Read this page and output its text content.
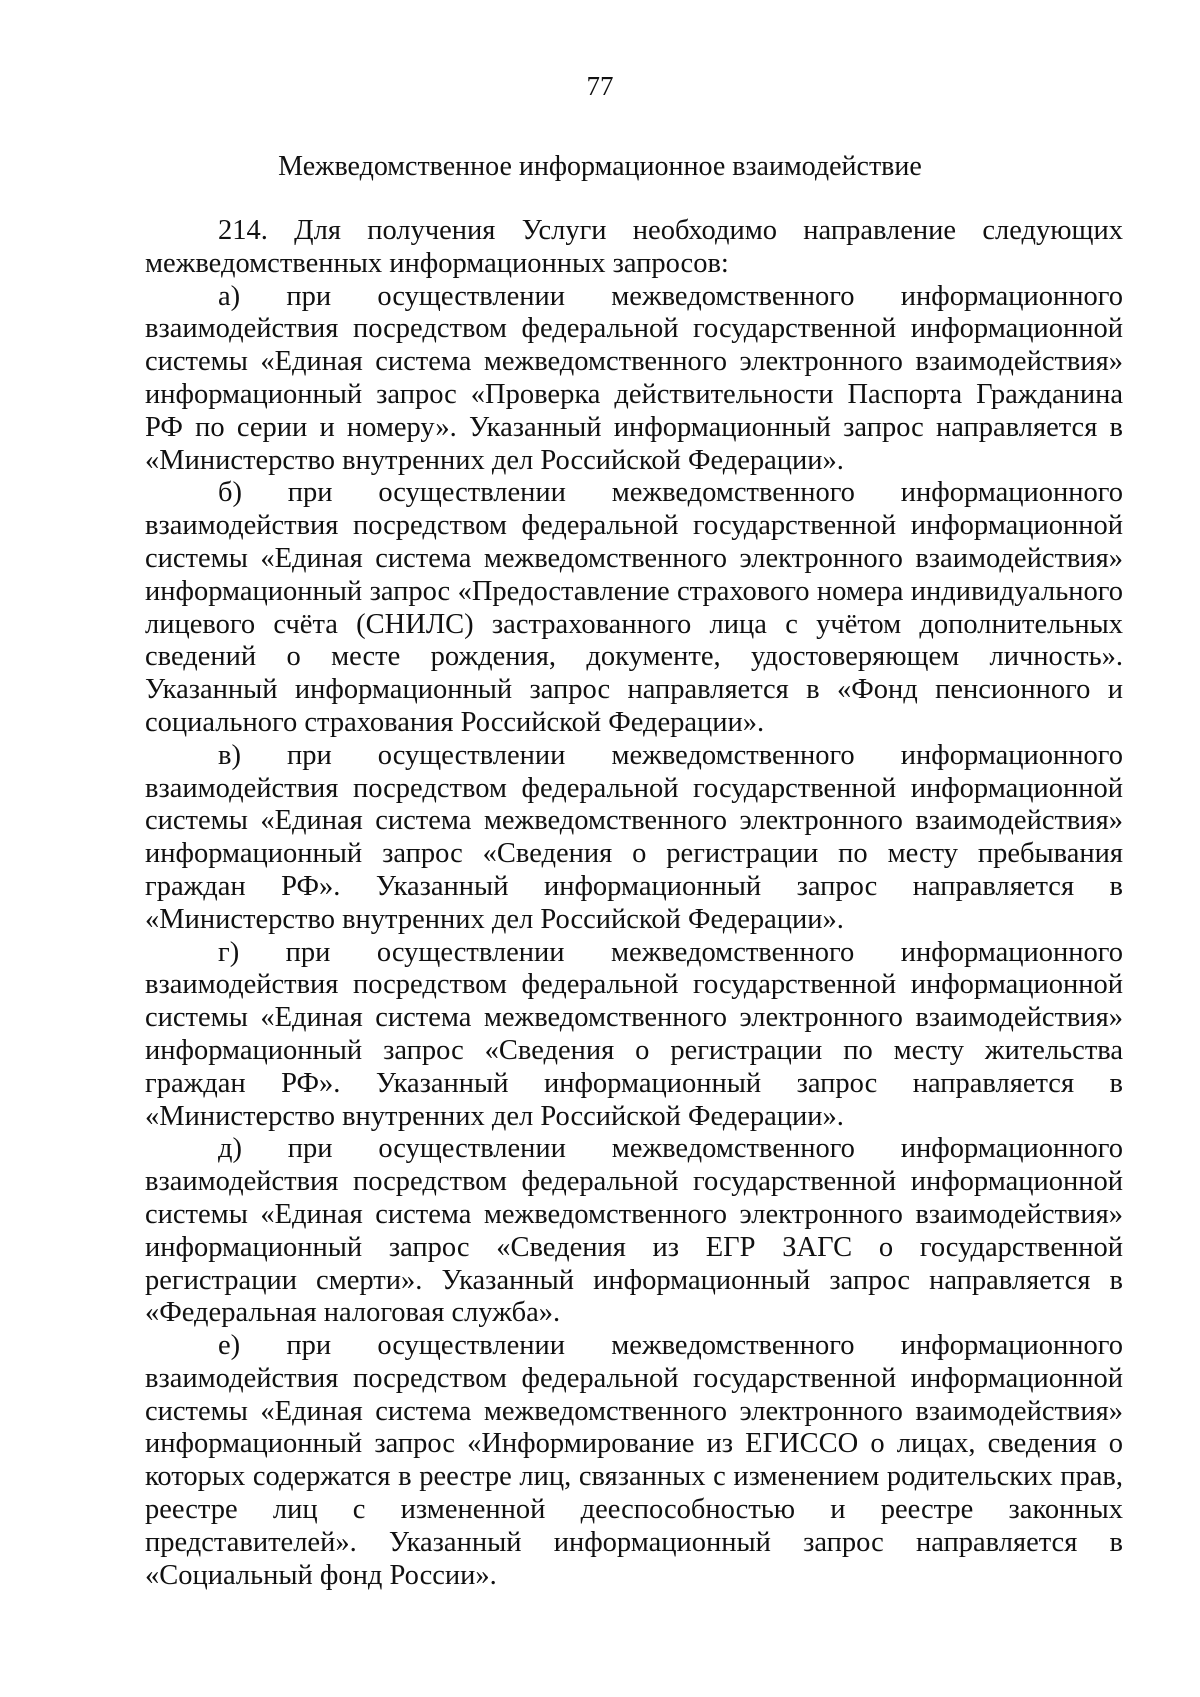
77
Межведомственное информационное взаимодействие

214. Для получения Услуги необходимо направление следующих межведомственных информационных запросов:

а) при осуществлении межведомственного информационного взаимодействия посредством федеральной государственной информационной системы «Единая система межведомственного электронного взаимодействия» информационный запрос «Проверка действительности Паспорта Гражданина РФ по серии и номеру». Указанный информационный запрос направляется в «Министерство внутренних дел Российской Федерации».

б) при осуществлении межведомственного информационного взаимодействия посредством федеральной государственной информационной системы «Единая система межведомственного электронного взаимодействия» информационный запрос «Предоставление страхового номера индивидуального лицевого счёта (СНИЛС) застрахованного лица с учётом дополнительных сведений о месте рождения, документе, удостоверяющем личность». Указанный информационный запрос направляется в «Фонд пенсионного и социального страхования Российской Федерации».

в) при осуществлении межведомственного информационного взаимодействия посредством федеральной государственной информационной системы «Единая система межведомственного электронного взаимодействия» информационный запрос «Сведения о регистрации по месту пребывания граждан РФ». Указанный информационный запрос направляется в «Министерство внутренних дел Российской Федерации».

г) при осуществлении межведомственного информационного взаимодействия посредством федеральной государственной информационной системы «Единая система межведомственного электронного взаимодействия» информационный запрос «Сведения о регистрации по месту жительства граждан РФ». Указанный информационный запрос направляется в «Министерство внутренних дел Российской Федерации».

д) при осуществлении межведомственного информационного взаимодействия посредством федеральной государственной информационной системы «Единая система межведомственного электронного взаимодействия» информационный запрос «Сведения из ЕГР ЗАГС о государственной регистрации смерти». Указанный информационный запрос направляется в «Федеральная налоговая служба».

е) при осуществлении межведомственного информационного взаимодействия посредством федеральной государственной информационной системы «Единая система межведомственного электронного взаимодействия» информационный запрос «Информирование из ЕГИССО о лицах, сведения о которых содержатся в реестре лиц, связанных с изменением родительских прав, реестре лиц с измененной дееспособностью и реестре законных представителей». Указанный информационный запрос направляется в «Социальный фонд России».
